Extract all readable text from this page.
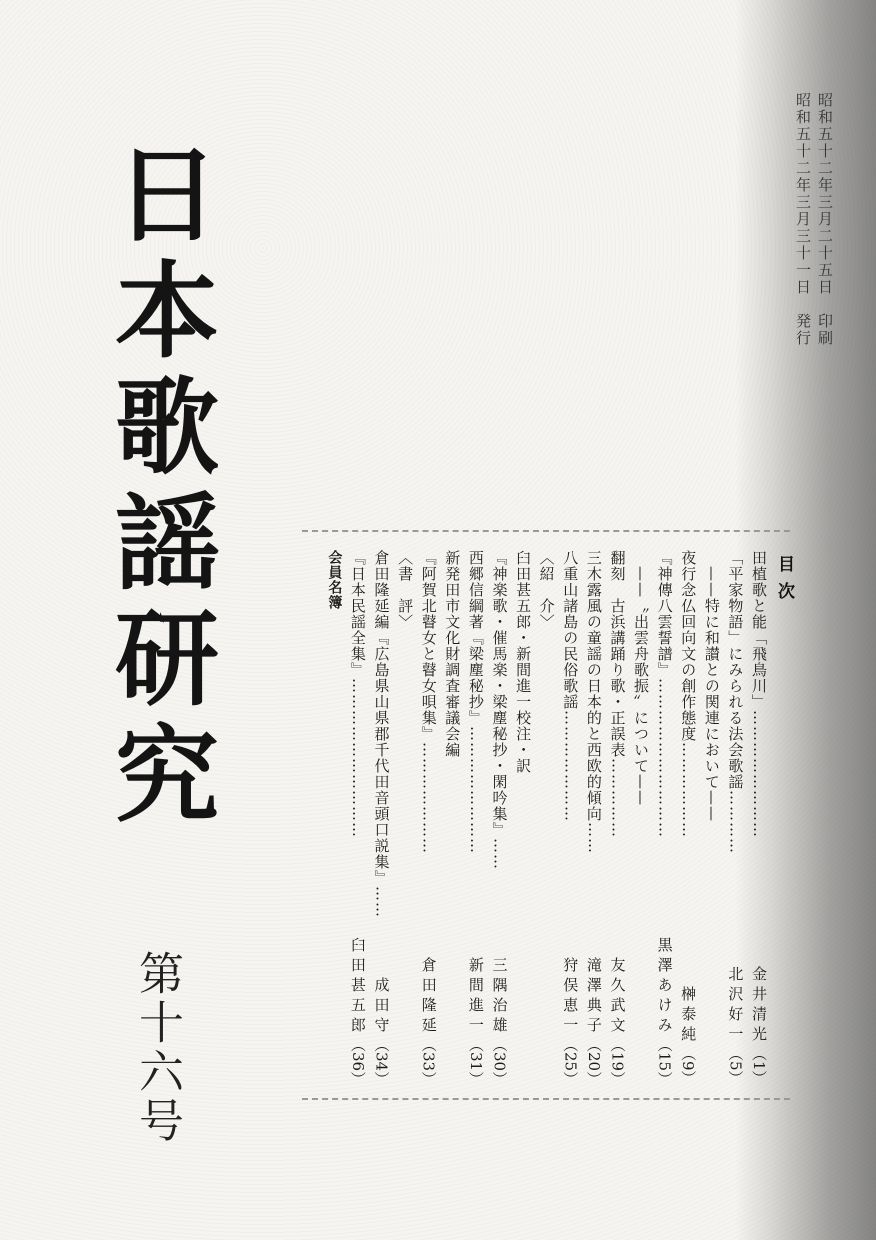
日本歌謡研究
第十六号
昭和五十二年三月二十五日　印刷
昭和五十二年三月三十一日　発行
目次
田植歌と能「飛鳥川」……………………
金井清光（1）
「平家物語」にみられる法会歌謡…………
北沢好一（5）
——特に和讃との関連において——
夜行念仏回向文の創作態度………………
榊泰純（9）
『神傳八雲誓譜』…………………………
黒澤あけみ（15）
——〝出雲舟歌振〟について——
翻刻　古浜講踊り歌・正誤表……………
友久武文（19）
三木露風の童謡の日本的と西欧的傾向……
滝澤典子（20）
八重山諸島の民俗歌謡…………………
狩俣恵一（25）
〈紹　介〉
臼田甚五郎・新間進一校注・訳
『神楽歌・催馬楽・梁塵秘抄・閑吟集』……
三隅治雄（30）
西郷信綱著『梁塵秘抄』……………………
新間進一（31）
新発田市文化財調査審議会編
『阿賀北瞽女と瞽女唄集』…………………
倉田隆延（33）
〈書　評〉
倉田隆延編『広島県山県郡千代田音頭口説集』……
成田守（34）
『日本民謡全集』…………………………
臼田甚五郎（36）
会員名簿
